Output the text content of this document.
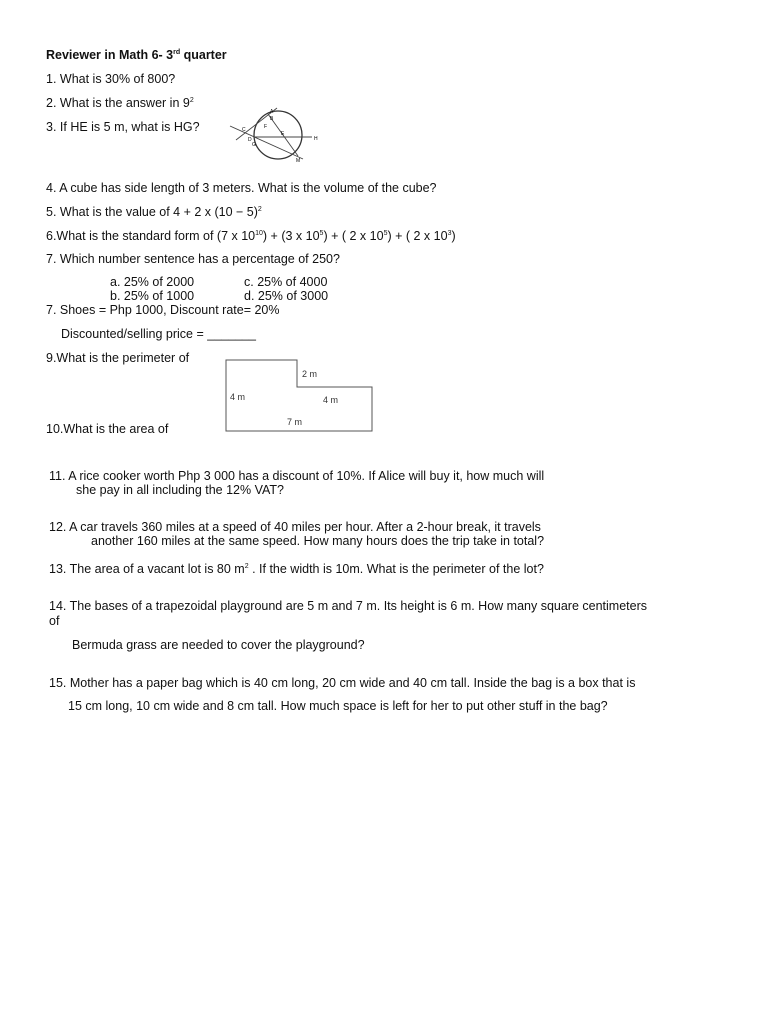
Reviewer in Math 6- 3rd quarter
1. What is 30% of 800?
2. What is the answer in $9^2$
3. If HE is 5 m, what is HG?
A
B
C
D
E
F
G
H
M
4. A cube has side length of 3 meters. What is the volume of the cube?
5. What is the value of 4 + 2 x $(10 - 5)^2$
6.What is the standard form of (7 x $10^{10}) + (3$ x $10^5$) + ( 2 x $10^5$) + ( 2 x $10^3$)
7. Which number sentence has a percentage of 250?
a. 25% of 2000	c. 25% of 4000
b. 25% of 1000	d. 25% of 3000
7. Shoes = Php 1000, Discount rate= 20%
Discounted/selling price = _______
9.What is the perimeter of
2 m
4 m	4 m
7 m
10.What is the area of
11. A rice cooker worth Php 3 000 has a discount of 10%. If Alice will buy it, how much will
she pay in all including the 12% VAT?
12. A car travels 360 miles at a speed of 40 miles per hour. After a 2-hour break, it travels
another 160 miles at the same speed. How many hours does the trip take in total?
13. The area of a vacant lot is 80 $m^2$ . If the width is 10m. What is the perimeter of the lot?
14. The bases of a trapezoidal playground are 5 m and 7 m. Its height is 6 m. How many square centimeters
of
Bermuda grass are needed to cover the playground?
15. Mother has a paper bag which is 40 cm long, 20 cm wide and 40 cm tall. Inside the bag is a box that is
15 cm long, 10 cm wide and 8 cm tall. How much space is left for her to put other stuff in the bag?
